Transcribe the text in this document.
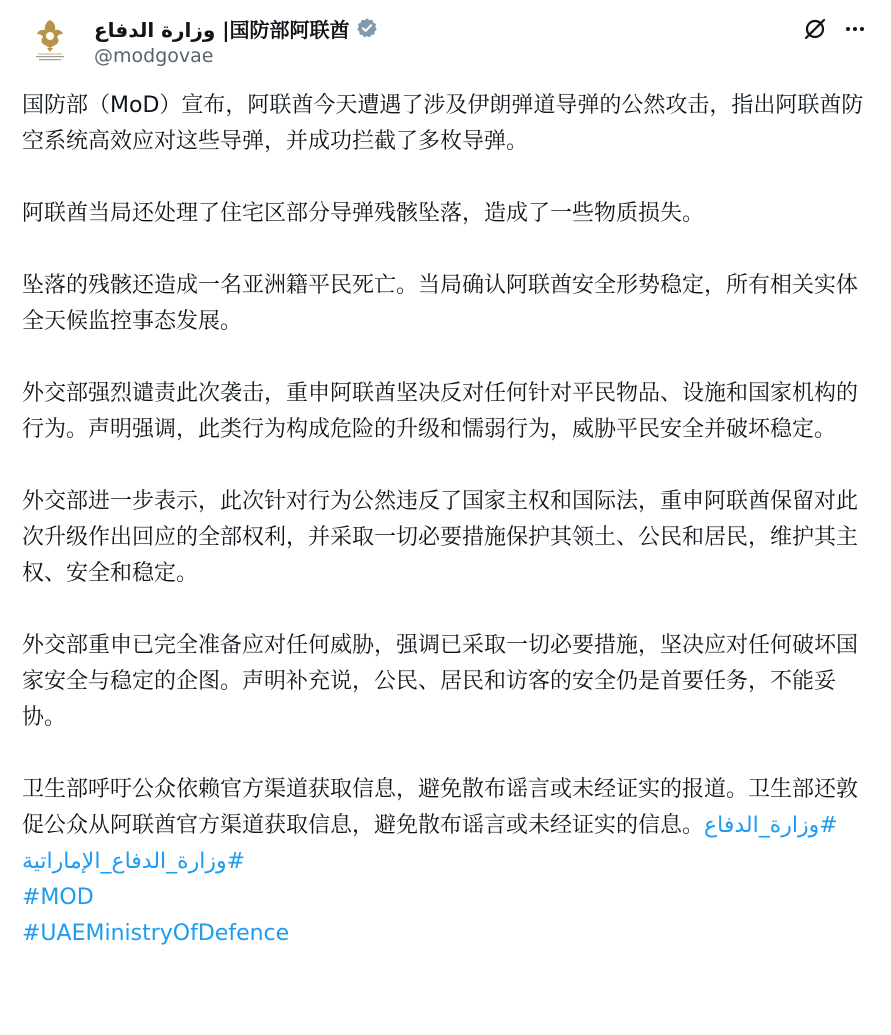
وزارة الدفاع |国防部阿联酋
@modgovae

国防部（MoD）宣布，阿联酋今天遭遇了涉及伊朗弹道导弹的公然攻击，指出阿联酋防空系统高效应对这些导弹，并成功拦截了多枚导弹。

阿联酋当局还处理了住宅区部分导弹残骸坠落，造成了一些物质损失。

坠落的残骸还造成一名亚洲籍平民死亡。当局确认阿联酋安全形势稳定，所有相关实体全天候监控事态发展。

外交部强烈谴责此次袭击，重申阿联酋坚决反对任何针对平民物品、设施和国家机构的行为。声明强调，此类行为构成危险的升级和懦弱行为，威胁平民安全并破坏稳定。

外交部进一步表示，此次针对行为公然违反了国家主权和国际法，重申阿联酋保留对此次升级作出回应的全部权利，并采取一切必要措施保护其领土、公民和居民，维护其主权、安全和稳定。

外交部重申已完全准备应对任何威胁，强调已采取一切必要措施，坚决应对任何破坏国家安全与稳定的企图。声明补充说，公民、居民和访客的安全仍是首要任务，不能妥协。

卫生部呼吁公众依赖官方渠道获取信息，避免散布谣言或未经证实的报道。卫生部还敦促公众从阿联酋官方渠道获取信息，避免散布谣言或未经证实的信息。#وزارة_الدفاع

#وزارة_الدفاع_الإماراتية
#MOD
#UAEMinistryOfDefence
